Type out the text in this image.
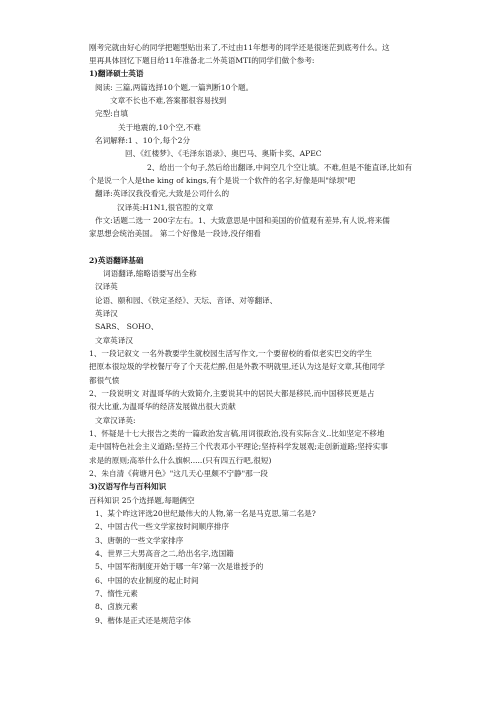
刚考完就由好心的同学把题型贴出来了,不过由11年想考的同学还是很迷茫到底考什么。这
里再具体回忆下题目给11年准备北二外英语MTI的同学们做个参考:
1)翻译硕士英语
阅读: 三篇,两篇选择10个题,一篇判断10个题。
文章不长也不难,答案都很容易找到
完型:自填
关于地震的,10个空,不难
名词解释:1 、10个,每个2分
回、《红楼梦》、《毛泽东语录》、奥巴马、奥斯卡奖、APEC
2、给出一个句子,然后给出翻译,中间空几个空让填。不难,但是不能直译,比如有
个是说一个人是the king of kings,有个是说一个软件的名字,好像是叫"绿坝"吧
翻译:英译汉我没看完,大致是公司什么的
汉译英:H1N1,很官腔的文章
作文:话题二选一 200字左右。1、大致意思是中国和美国的价值观有差异,有人说,将来儒
家思想会统治美国。 第二个好像是一段诗,没仔细看
2)英语翻译基础
词语翻译,缩略语要写出全称
汉译英
论语、颐和园、《铁定圣经》、天坛、音译、对等翻译、
英译汉
SARS、 SOHO、
文章英译汉
1、一段记叙文 一名外教要学生就校园生活写作文,一个要留校的看似老实巴交的学生
把原本很垃圾的学校餐厅夸了个天花烂醉,但是外教不明就里,还认为这是好文章,其他同学
都很气愤
2、一段说明文 对温哥华的大致简介,主要说其中的居民大都是移民,而中国移民更是占
很大比重,为温哥华的经济发展做出很大贡献
文章汉译英:
1、怀疑是十七大报告之类的一篇政治发言稿,用词很政治,没有实际含义..比如坚定不移地
走中国特色社会主义道路;坚持三个代表邓小平理论;坚持科学发展观;走创新道路;坚持实事
求是的原则;高举什么什么旗帜.....(只有四五行吧,很短)
2、朱自清《荷塘月色》"这几天心里颇不宁静"那一段
3)汉语写作与百科知识
百科知识 25个选择题,每题俩空
1、某个昨这评选20世纪最伟大的人物,第一名是马克思,第二名是?
2、中国古代一些文学家按时间顺序排序
3、唐朝的一些文学家排序
4、世界三大男高音之二,给出名字,选国籍
5、中国军衔制度开始于哪一年?第一次是谁授予的
6、中国的农业制度的起止时间
7、惰性元素
8、卤族元素
9、楷体是正式还是规范字体
